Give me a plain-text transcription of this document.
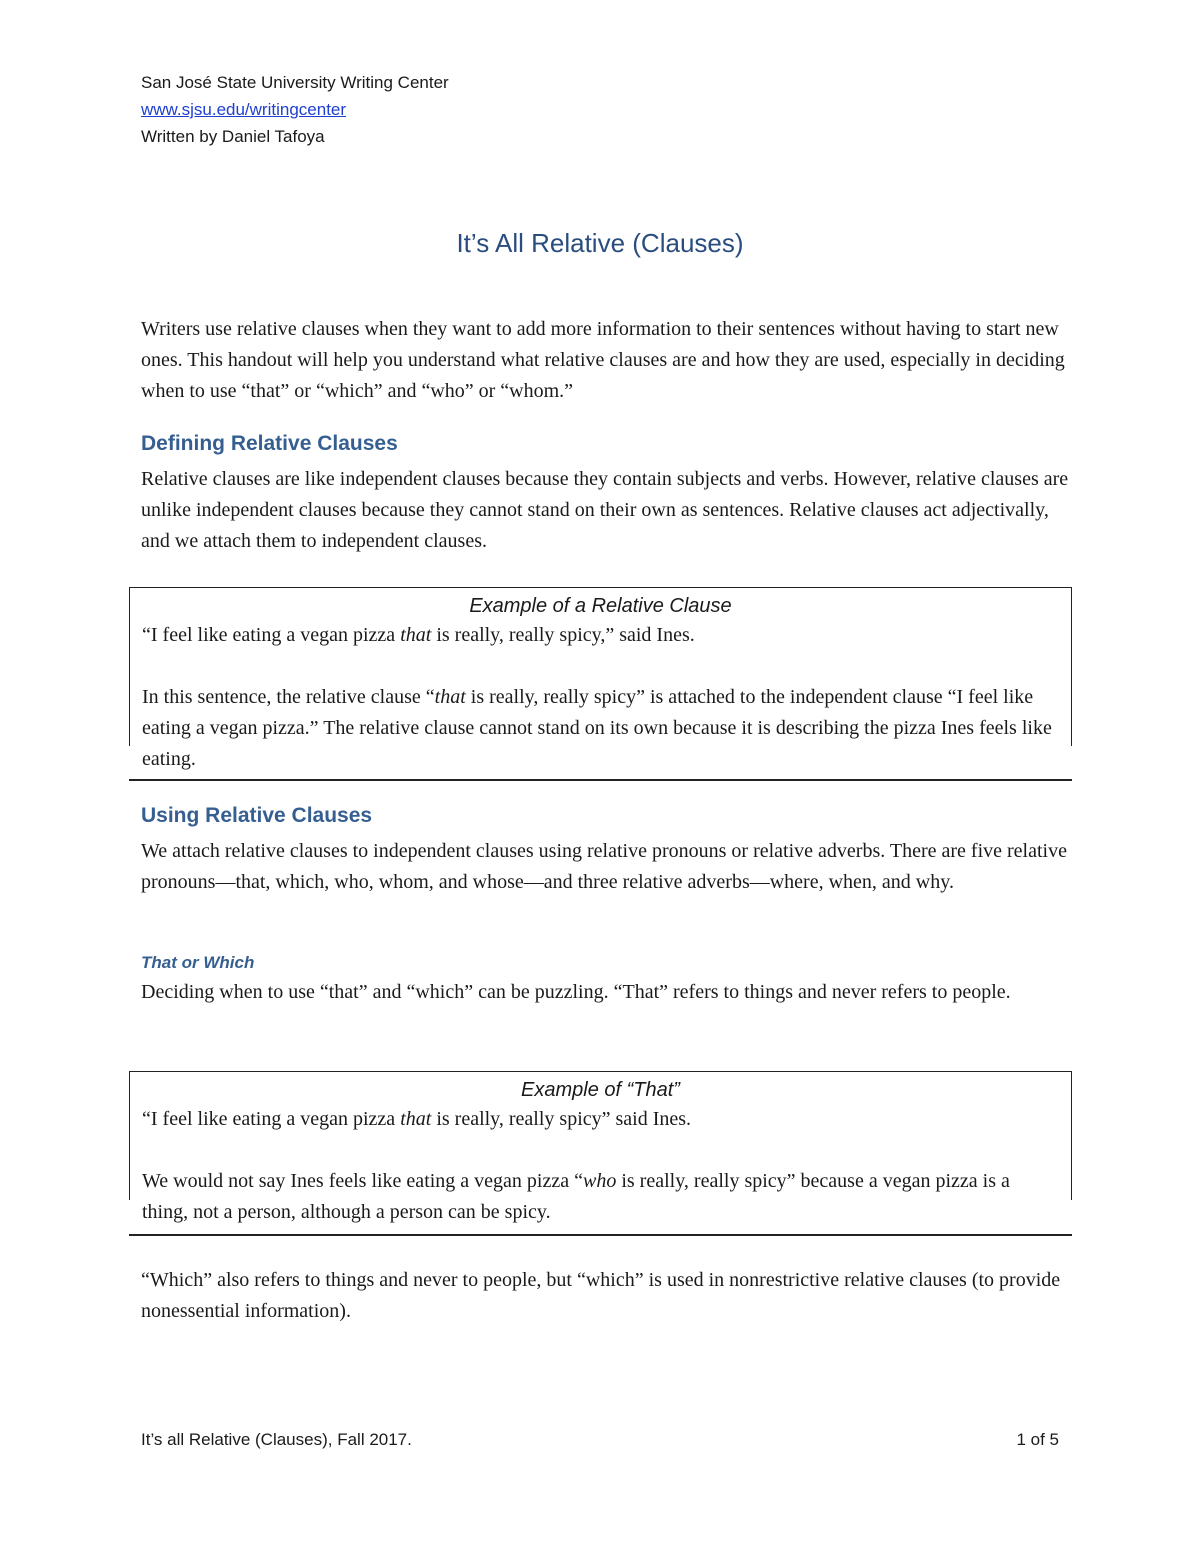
San José State University Writing Center
www.sjsu.edu/writingcenter
Written by Daniel Tafoya
It’s All Relative (Clauses)

Writers use relative clauses when they want to add more information to their sentences without having to start new ones. This handout will help you understand what relative clauses are and how they are used, especially in deciding when to use “that” or “which” and “who” or “whom.”

Defining Relative Clauses

Relative clauses are like independent clauses because they contain subjects and verbs. However, relative clauses are unlike independent clauses because they cannot stand on their own as sentences. Relative clauses act adjectivally, and we attach them to independent clauses.

Example of a Relative Clause

“I feel like eating a vegan pizza that is really, really spicy,” said Ines.

In this sentence, the relative clause “that is really, really spicy” is attached to the independent clause “I feel like eating a vegan pizza.” The relative clause cannot stand on its own because it is describing the pizza Ines feels like eating.

Using Relative Clauses

We attach relative clauses to independent clauses using relative pronouns or relative adverbs. There are five relative pronouns—that, which, who, whom, and whose—and three relative adverbs—where, when, and why.

That or Which

Deciding when to use “that” and “which” can be puzzling. “That” refers to things and never refers to people.

Example of “That”

“I feel like eating a vegan pizza that is really, really spicy” said Ines.

We would not say Ines feels like eating a vegan pizza “who is really, really spicy” because a vegan pizza is a thing, not a person, although a person can be spicy.

“Which” also refers to things and never to people, but “which” is used in nonrestrictive relative clauses (to provide nonessential information).

It’s all Relative (Clauses), Fall 2017.	1 of 5
